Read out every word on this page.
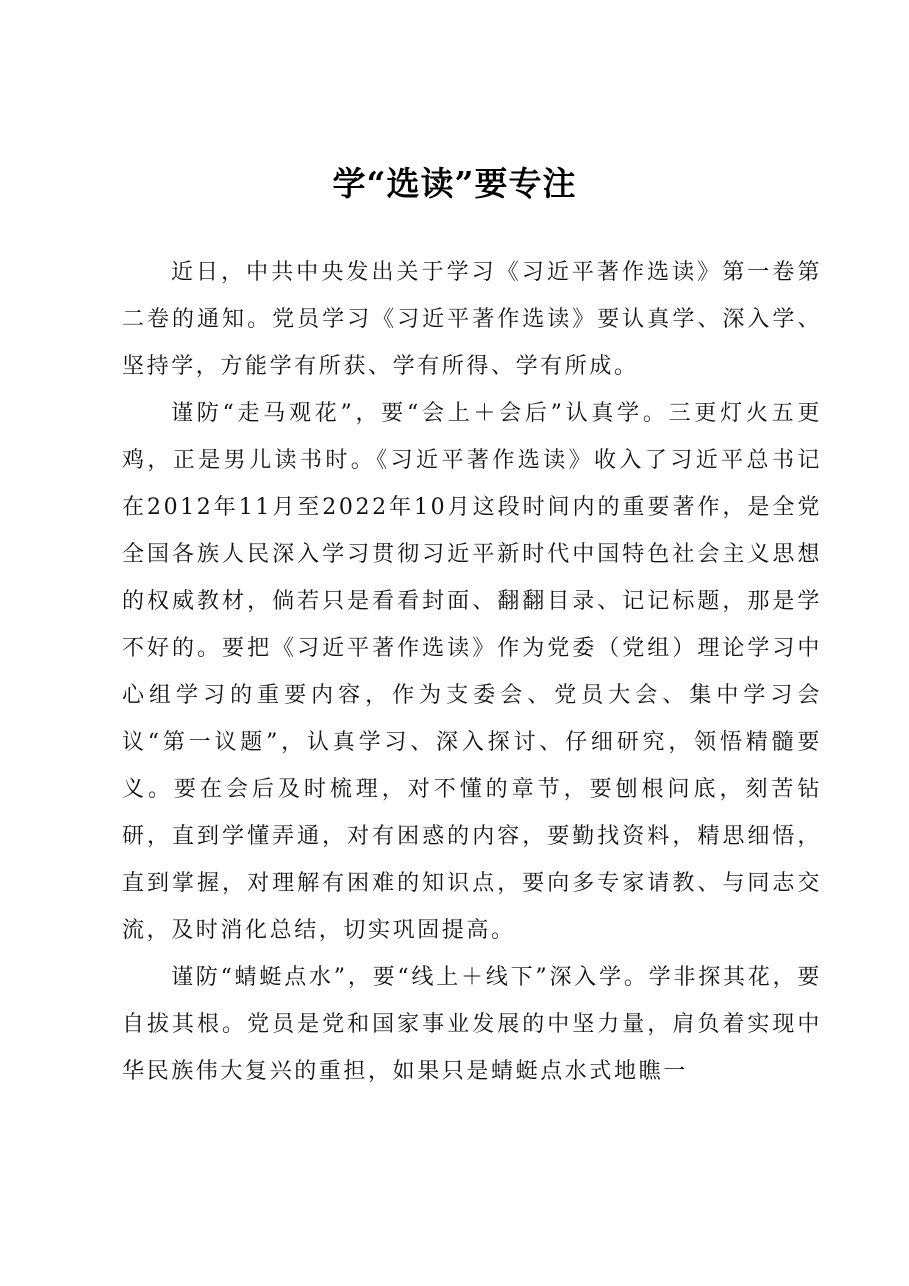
学“选读”要专注

近日，中共中央发出关于学习《习近平著作选读》第一卷第二卷的通知。党员学习《习近平著作选读》要认真学、深入学、坚持学，方能学有所获、学有所得、学有所成。

谨防“走马观花”，要“会上＋会后”认真学。三更灯火五更鸡，正是男儿读书时。《习近平著作选读》收入了习近平总书记在2012年11月至2022年10月这段时间内的重要著作，是全党全国各族人民深入学习贯彻习近平新时代中国特色社会主义思想的权威教材，倘若只是看看封面、翻翻目录、记记标题，那是学不好的。要把《习近平著作选读》作为党委（党组）理论学习中心组学习的重要内容，作为支委会、党员大会、集中学习会议“第一议题”，认真学习、深入探讨、仔细研究，领悟精髓要义。要在会后及时梳理，对不懂的章节，要刨根问底，刻苦钻研，直到学懂弄通，对有困惑的内容，要勤找资料，精思细悟，直到掌握，对理解有困难的知识点，要向多专家请教、与同志交流，及时消化总结，切实巩固提高。

谨防“蜻蜓点水”，要“线上＋线下”深入学。学非探其花，要自拔其根。党员是党和国家事业发展的中坚力量，肩负着实现中华民族伟大复兴的重担，如果只是蜻蜓点水式地瞧一
